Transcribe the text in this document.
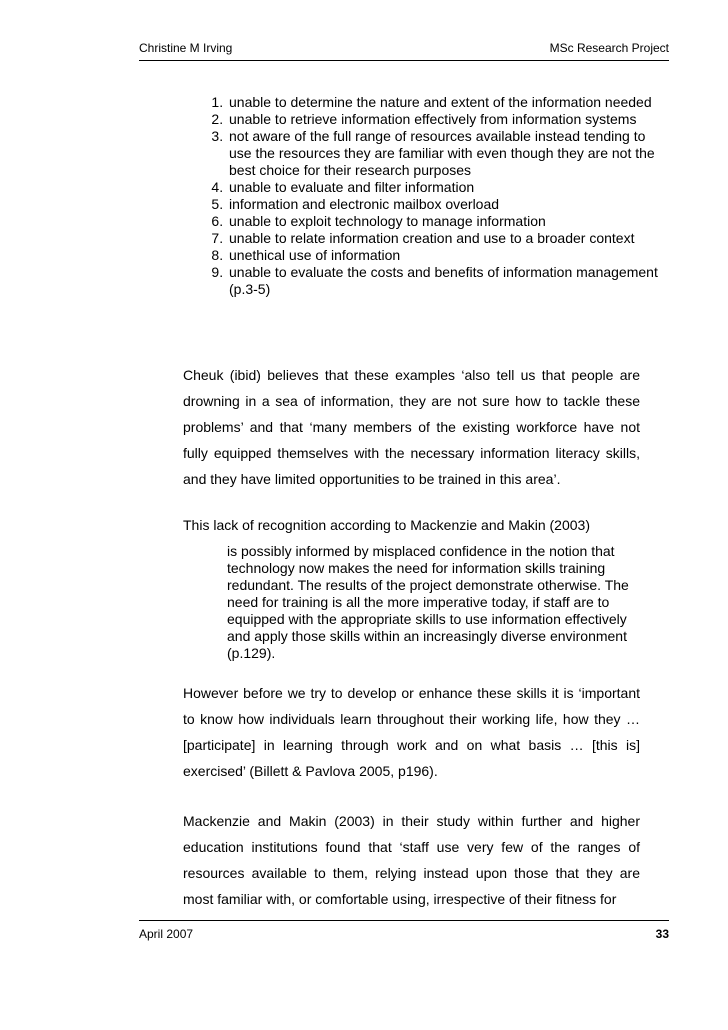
Christine M Irving	MSc Research Project
1. unable to determine the nature and extent of the information needed
2. unable to retrieve information effectively from information systems
3. not aware of the full range of resources available instead tending to use the resources they are familiar with even though they are not the best choice for their research purposes
4. unable to evaluate and filter information
5. information and electronic mailbox overload
6. unable to exploit technology to manage information
7. unable to relate information creation and use to a broader context
8. unethical use of information
9. unable to evaluate the costs and benefits of information management (p.3-5)

Cheuk (ibid) believes that these examples ‘also tell us that people are drowning in a sea of information, they are not sure how to tackle these problems’ and that ‘many members of the existing workforce have not fully equipped themselves with the necessary information literacy skills, and they have limited opportunities to be trained in this area’.

This lack of recognition according to Mackenzie and Makin (2003)

is possibly informed by misplaced confidence in the notion that technology now makes the need for information skills training redundant. The results of the project demonstrate otherwise. The need for training is all the more imperative today, if staff are to equipped with the appropriate skills to use information effectively and apply those skills within an increasingly diverse environment (p.129).

However before we try to develop or enhance these skills it is ‘important to know how individuals learn throughout their working life, how they … [participate] in learning through work and on what basis … [this is] exercised’ (Billett & Pavlova 2005, p196).

Mackenzie and Makin (2003) in their study within further and higher education institutions found that ‘staff use very few of the ranges of resources available to them, relying instead upon those that they are most familiar with, or comfortable using, irrespective of their fitness for

April 2007	33
